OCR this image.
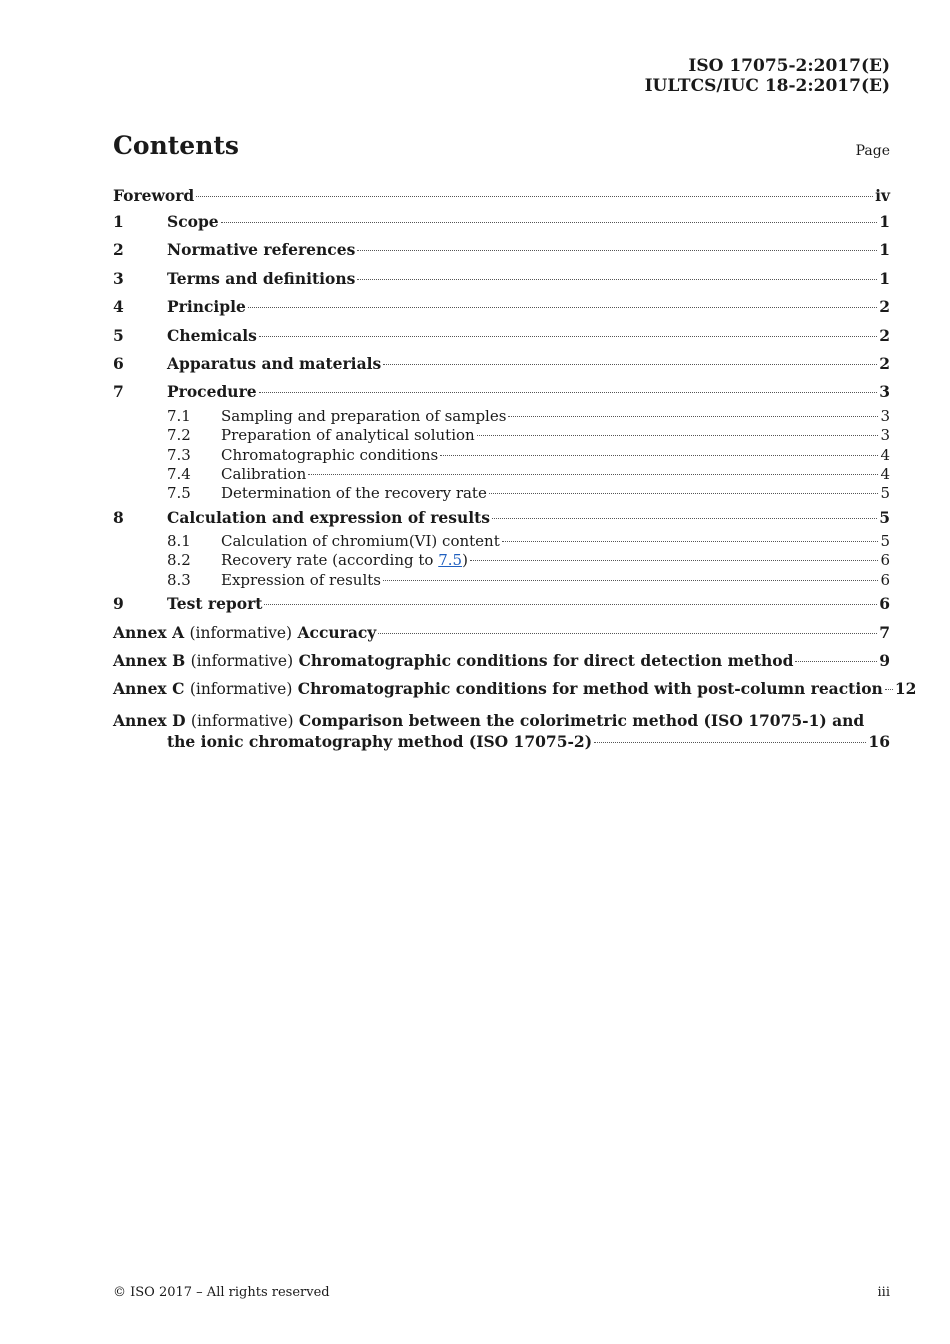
ISO 17075-2:2017(E)
IULTCS/IUC 18-2:2017(E)
Contents	Page
Foreword	iv
1	Scope	1
2	Normative references	1
3	Terms and definitions	1
4	Principle	2
5	Chemicals	2
6	Apparatus and materials	2
7	Procedure	3
7.1	Sampling and preparation of samples	3
7.2	Preparation of analytical solution	3
7.3	Chromatographic conditions	4
7.4	Calibration	4
7.5	Determination of the recovery rate	5
8	Calculation and expression of results	5
8.1	Calculation of chromium(VI) content	5
8.2	Recovery rate (according to 7.5)	6
8.3	Expression of results	6
9	Test report	6
Annex A (informative) Accuracy	7
Annex B (informative) Chromatographic conditions for direct detection method	9
Annex C (informative) Chromatographic conditions for method with post-column reaction 12
Annex D (informative) Comparison between the colorimetric method (ISO 17075-1) and
the ionic chromatography method (ISO 17075-2)	16
© ISO 2017 – All rights reserved	iii
